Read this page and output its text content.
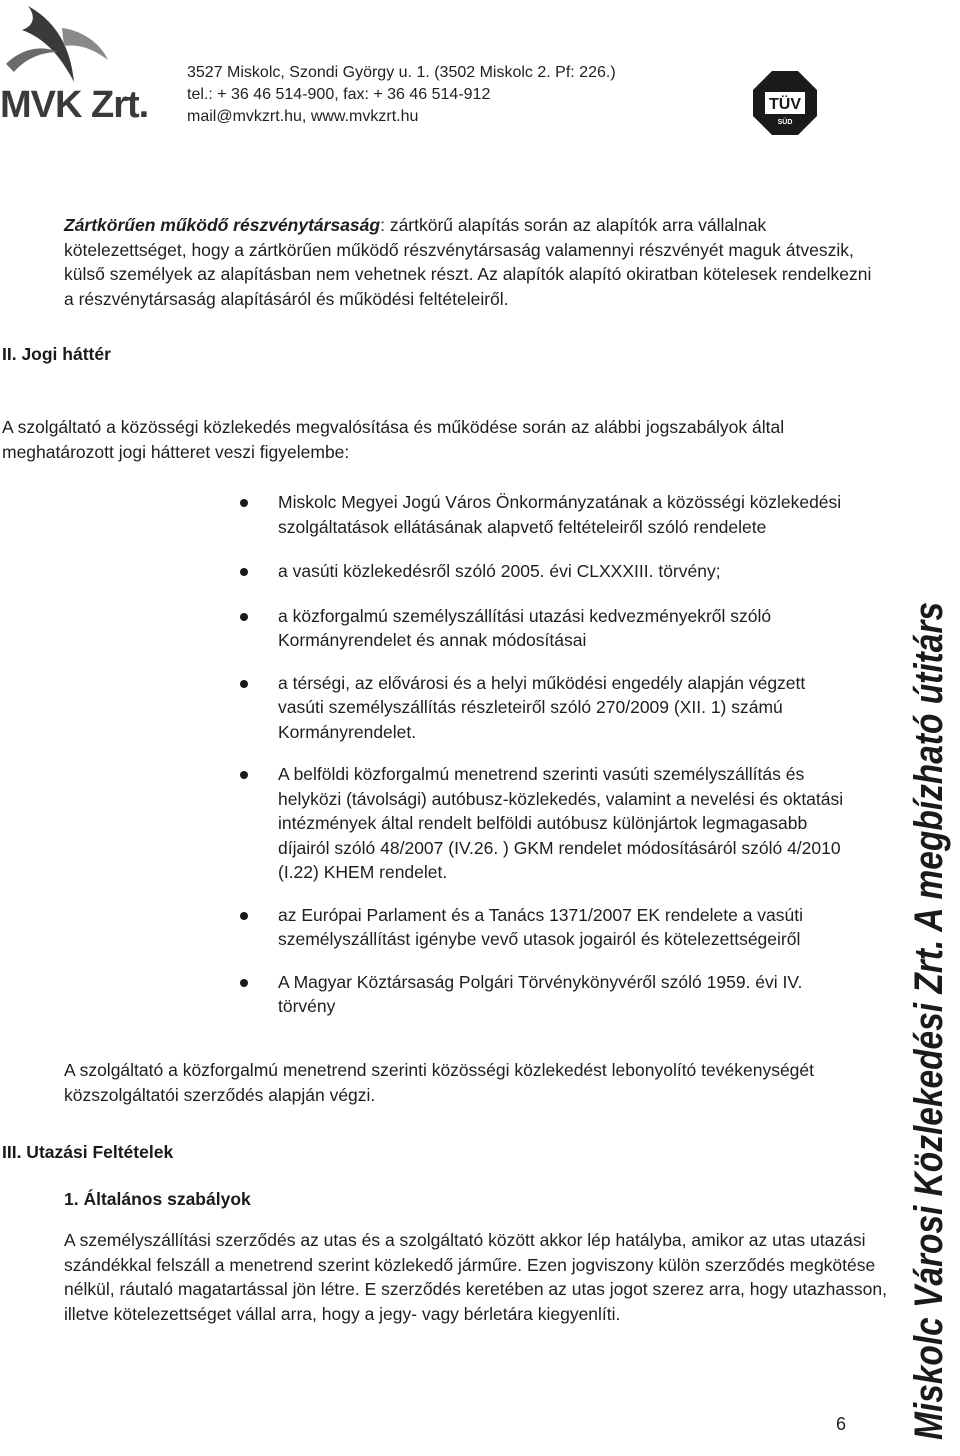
MVK Zrt.
3527 Miskolc, Szondi György u. 1. (3502 Miskolc 2. Pf: 226.)
tel.: + 36 46 514-900, fax: + 36 46 514-912
mail@mvkzrt.hu, www.mvkzrt.hu
TÜV
SÜD
Zártkörűen működő részvénytársaság: zártkörű alapítás során az alapítók arra vállalnak kötelezettséget, hogy a zártkörűen működő részvénytársaság valamennyi részvényét maguk átveszik, külső személyek az alapításban nem vehetnek részt. Az alapítók alapító okiratban kötelesek rendelkezni a részvénytársaság alapításáról és működési feltételeiről.
II. Jogi háttér
A szolgáltató a közösségi közlekedés megvalósítása és működése során az alábbi jogszabályok által meghatározott jogi hátteret veszi figyelembe:
Miskolc Megyei Jogú Város Önkormányzatának a közösségi közlekedési szolgáltatások ellátásának alapvető feltételeiről szóló rendelete
a vasúti közlekedésről szóló 2005. évi CLXXXIII. törvény;
a közforgalmú személyszállítási utazási kedvezményekről szóló Kormányrendelet és annak módosításai
a térségi, az elővárosi és a helyi működési engedély alapján végzett vasúti személyszállítás részleteiről szóló 270/2009 (XII. 1) számú Kormányrendelet.
A belföldi közforgalmú menetrend szerinti vasúti személyszállítás és helyközi (távolsági) autóbusz-közlekedés, valamint a nevelési és oktatási intézmények által rendelt belföldi autóbusz különjártok legmagasabb díjairól szóló 48/2007 (IV.26. ) GKM rendelet módosításáról szóló 4/2010 (I.22) KHEM rendelet.
az Európai Parlament és a Tanács 1371/2007 EK rendelete a vasúti személyszállítást igénybe vevő utasok jogairól és kötelezettségeiről
A Magyar Köztársaság Polgári Törvénykönyvéről szóló 1959. évi IV. törvény
A szolgáltató a közforgalmú menetrend szerinti közösségi közlekedést lebonyolító tevékenységét közszolgáltatói szerződés alapján végzi.
III. Utazási Feltételek
1. Általános szabályok
A személyszállítási szerződés az utas és a szolgáltató között akkor lép hatályba, amikor az utas utazási szándékkal felszáll a menetrend szerint közlekedő járműre. Ezen jogviszony külön szerződés megkötése nélkül, ráutaló magatartással jön létre. E szerződés keretében az utas jogot szerez arra, hogy utazhasson, illetve kötelezettséget vállal arra, hogy a jegy- vagy bérletára kiegyenlíti.	Miskolc Városi Közlekedési Zrt. A megbízható útitárs
6
